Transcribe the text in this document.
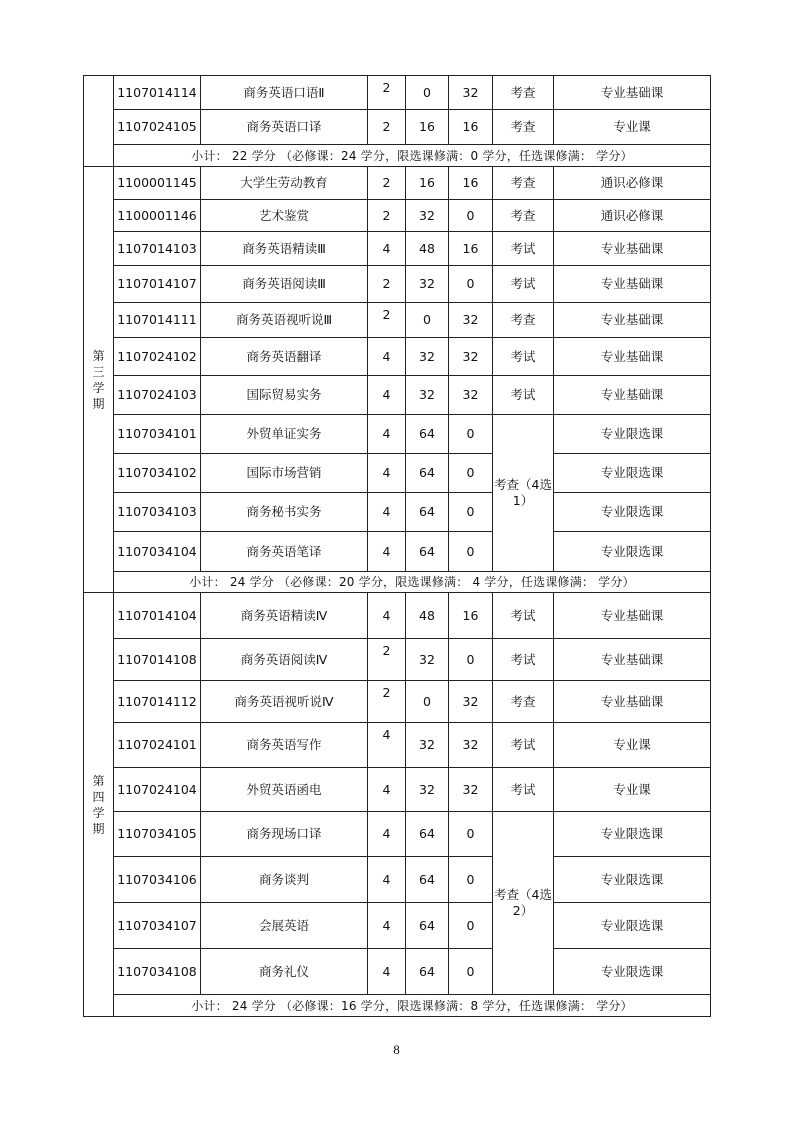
	1107014114	商务英语口语Ⅱ	2	0	32	考查	专业基础课
	1107024105	商务英语口译	2	16	16	考查	专业课
	小计： 22 学分 （必修课：24 学分，限选课修满：0 学分，任选课修满： 学分）						

第
三
学
期	1100001145	大学生劳动教育	2	16	16	考查	通识必修课
	1100001146	艺术鉴赏	2	32	0	考查	通识必修课
	1107014103	商务英语精读Ⅲ	4	48	16	考试	专业基础课
	1107014107	商务英语阅读Ⅲ	2	32	0	考试	专业基础课
	1107014111	商务英语视听说Ⅲ	2	0	32	考查	专业基础课
	1107024102	商务英语翻译	4	32	32	考试	专业基础课
	1107024103	国际贸易实务	4	32	32	考试	专业基础课
	1107034101	外贸单证实务	4	64	0	考查（4选1）	专业限选课
	1107034102	国际市场营销	4	64	0		专业限选课
	1107034103	商务秘书实务	4	64	0		专业限选课
	1107034104	商务英语笔译	4	64	0		专业限选课
	小计： 24 学分 （必修课：20 学分，限选课修满： 4 学分，任选课修满： 学分）						

第
四
学
期	1107014104	商务英语精读Ⅳ	4	48	16	考试	专业基础课
	1107014108	商务英语阅读Ⅳ	2	32	0	考试	专业基础课
	1107014112	商务英语视听说Ⅳ	2	0	32	考查	专业基础课
	1107024101	商务英语写作	4	32	32	考试	专业课
	1107024104	外贸英语函电	4	32	32	考试	专业课
	1107034105	商务现场口译	4	64	0	考查（4选2）	专业限选课
	1107034106	商务谈判	4	64	0		专业限选课
	1107034107	会展英语	4	64	0		专业限选课
	1107034108	商务礼仪	4	64	0		专业限选课
	小计： 24 学分 （必修课：16 学分，限选课修满：8 学分，任选课修满： 学分）						
8
